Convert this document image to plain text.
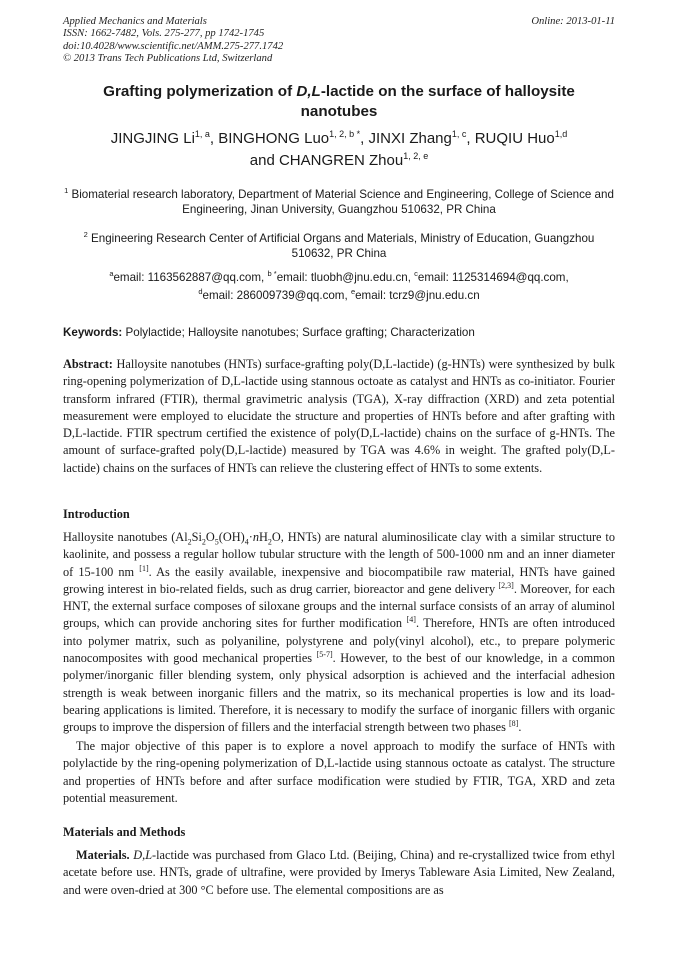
Applied Mechanics and Materials
ISSN: 1662-7482, Vols. 275-277, pp 1742-1745
doi:10.4028/www.scientific.net/AMM.275-277.1742
© 2013 Trans Tech Publications Ltd, Switzerland
Online: 2013-01-11
Grafting polymerization of D,L-lactide on the surface of halloysite
nanotubes
JINGJING Li$^{1, a}$, BINGHONG Luo$^{1, 2, b *}$, JINXI Zhang$^{1, c}$, RUQIU Huo$^{1,d}$
and CHANGREN Zhou$^{1, 2, e}$
$^1$ Biomaterial research laboratory, Department of Material Science and Engineering, College of Science and Engineering, Jinan University, Guangzhou 510632, PR China
$^2$ Engineering Research Center of Artificial Organs and Materials, Ministry of Education, Guangzhou 510632, PR China
$^a$email: 1163562887@qq.com, $^{b *}$email: tluobh@jnu.edu.cn, $^c$email: 1125314694@qq.com,
$^d$email: 286009739@qq.com, $^e$email: tcrz9@jnu.edu.cn
Keywords: Polylactide; Halloysite nanotubes; Surface grafting; Characterization
Abstract: Halloysite nanotubes (HNTs) surface-grafting poly(D,L-lactide) (g-HNTs) were synthesized by bulk ring-opening polymerization of D,L-lactide using stannous octoate as catalyst and HNTs as co-initiator. Fourier transform infrared (FTIR), thermal gravimetric analysis (TGA), X-ray diffraction (XRD) and zeta potential measurement were employed to elucidate the structure and properties of HNTs before and after grafting with D,L-lactide. FTIR spectrum certified the existence of poly(D,L-lactide) chains on the surface of g-HNTs. The amount of surface-grafted poly(D,L-lactide) measured by TGA was 4.6% in weight. The grafted poly(D,L-lactide) chains on the surfaces of HNTs can relieve the clustering effect of HNTs to some extents.
Introduction
Halloysite nanotubes ($Al_2Si_2O_5(OH)_4\cdot nH_2O$, HNTs) are natural aluminosilicate clay with a similar structure to kaolinite, and possess a regular hollow tubular structure with the length of 500-1000 nm and an inner diameter of 15-100 nm [1]. As the easily available, inexpensive and biocompatibile raw material, HNTs have gained growing interest in bio-related fields, such as drug carrier, bioreactor and gene delivery [2,3]. Moreover, for each HNT, the external surface composes of siloxane groups and the internal surface consists of an array of aluminol groups, which can provide anchoring sites for further modification [4]. Therefore, HNTs are often introduced into polymer matrix, such as polyaniline, polystyrene and poly(vinyl alcohol), etc., to prepare polymeric nanocomposites with good mechanical properties [5-7]. However, to the best of our knowledge, in a common polymer/inorganic filler blending system, only physical adsorption is achieved and the interfacial adhesion strength is weak between inorganic fillers and the matrix, so its mechanical properties is low and its load-bearing applications is limited. Therefore, it is necessary to modify the surface of inorganic fillers with organic groups to improve the dispersion of fillers and the interfacial strength between two phases [8].
The major objective of this paper is to explore a novel approach to modify the surface of HNTs with polylactide by the ring-opening polymerization of D,L-lactide using stannous octoate as catalyst. The structure and properties of HNTs before and after surface modification were studied by FTIR, TGA, XRD and zeta potential measurement.
Materials and Methods
Materials. D,L-lactide was purchased from Glaco Ltd. (Beijing, China) and re-crystallized twice from ethyl acetate before use. HNTs, grade of ultrafine, were provided by Imerys Tableware Asia Limited, New Zealand, and were oven-dried at 300 °C before use. The elemental compositions are as
